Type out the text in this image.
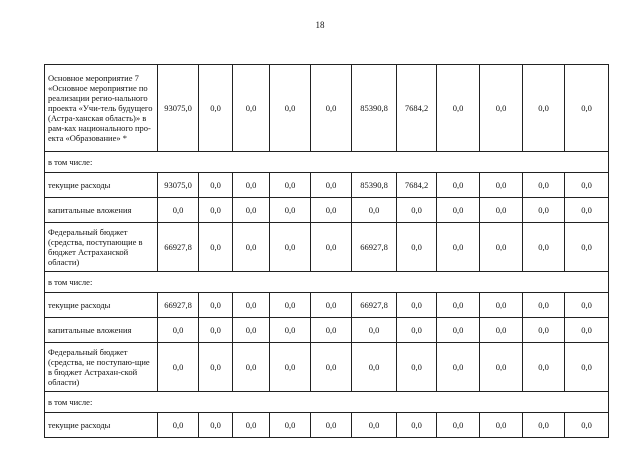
18
Основное мероприятие 7 «Основное мероприятие по реализации регио-нального проекта «Учи-тель будущего (Астра-ханская область)» в рам-ках национального про-екта «Образование» *	93075,0	0,0	0,0	0,0	0,0	85390,8	7684,2	0,0	0,0	0,0	0,0
в том числе:											
текущие расходы	93075,0	0,0	0,0	0,0	0,0	85390,8	7684,2	0,0	0,0	0,0	0,0
капитальные вложения	0,0	0,0	0,0	0,0	0,0	0,0	0,0	0,0	0,0	0,0	0,0
Федеральный бюджет (средства, поступающие в бюджет Астраханской области)	66927,8	0,0	0,0	0,0	0,0	66927,8	0,0	0,0	0,0	0,0	0,0
в том числе:											
текущие расходы	66927,8	0,0	0,0	0,0	0,0	66927,8	0,0	0,0	0,0	0,0	0,0
капитальные вложения	0,0	0,0	0,0	0,0	0,0	0,0	0,0	0,0	0,0	0,0	0,0
Федеральный бюджет (средства, не поступаю-щие в бюджет Астрахан-ской области)	0,0	0,0	0,0	0,0	0,0	0,0	0,0	0,0	0,0	0,0	0,0
в том числе:											
текущие расходы	0,0	0,0	0,0	0,0	0,0	0,0	0,0	0,0	0,0	0,0	0,0
